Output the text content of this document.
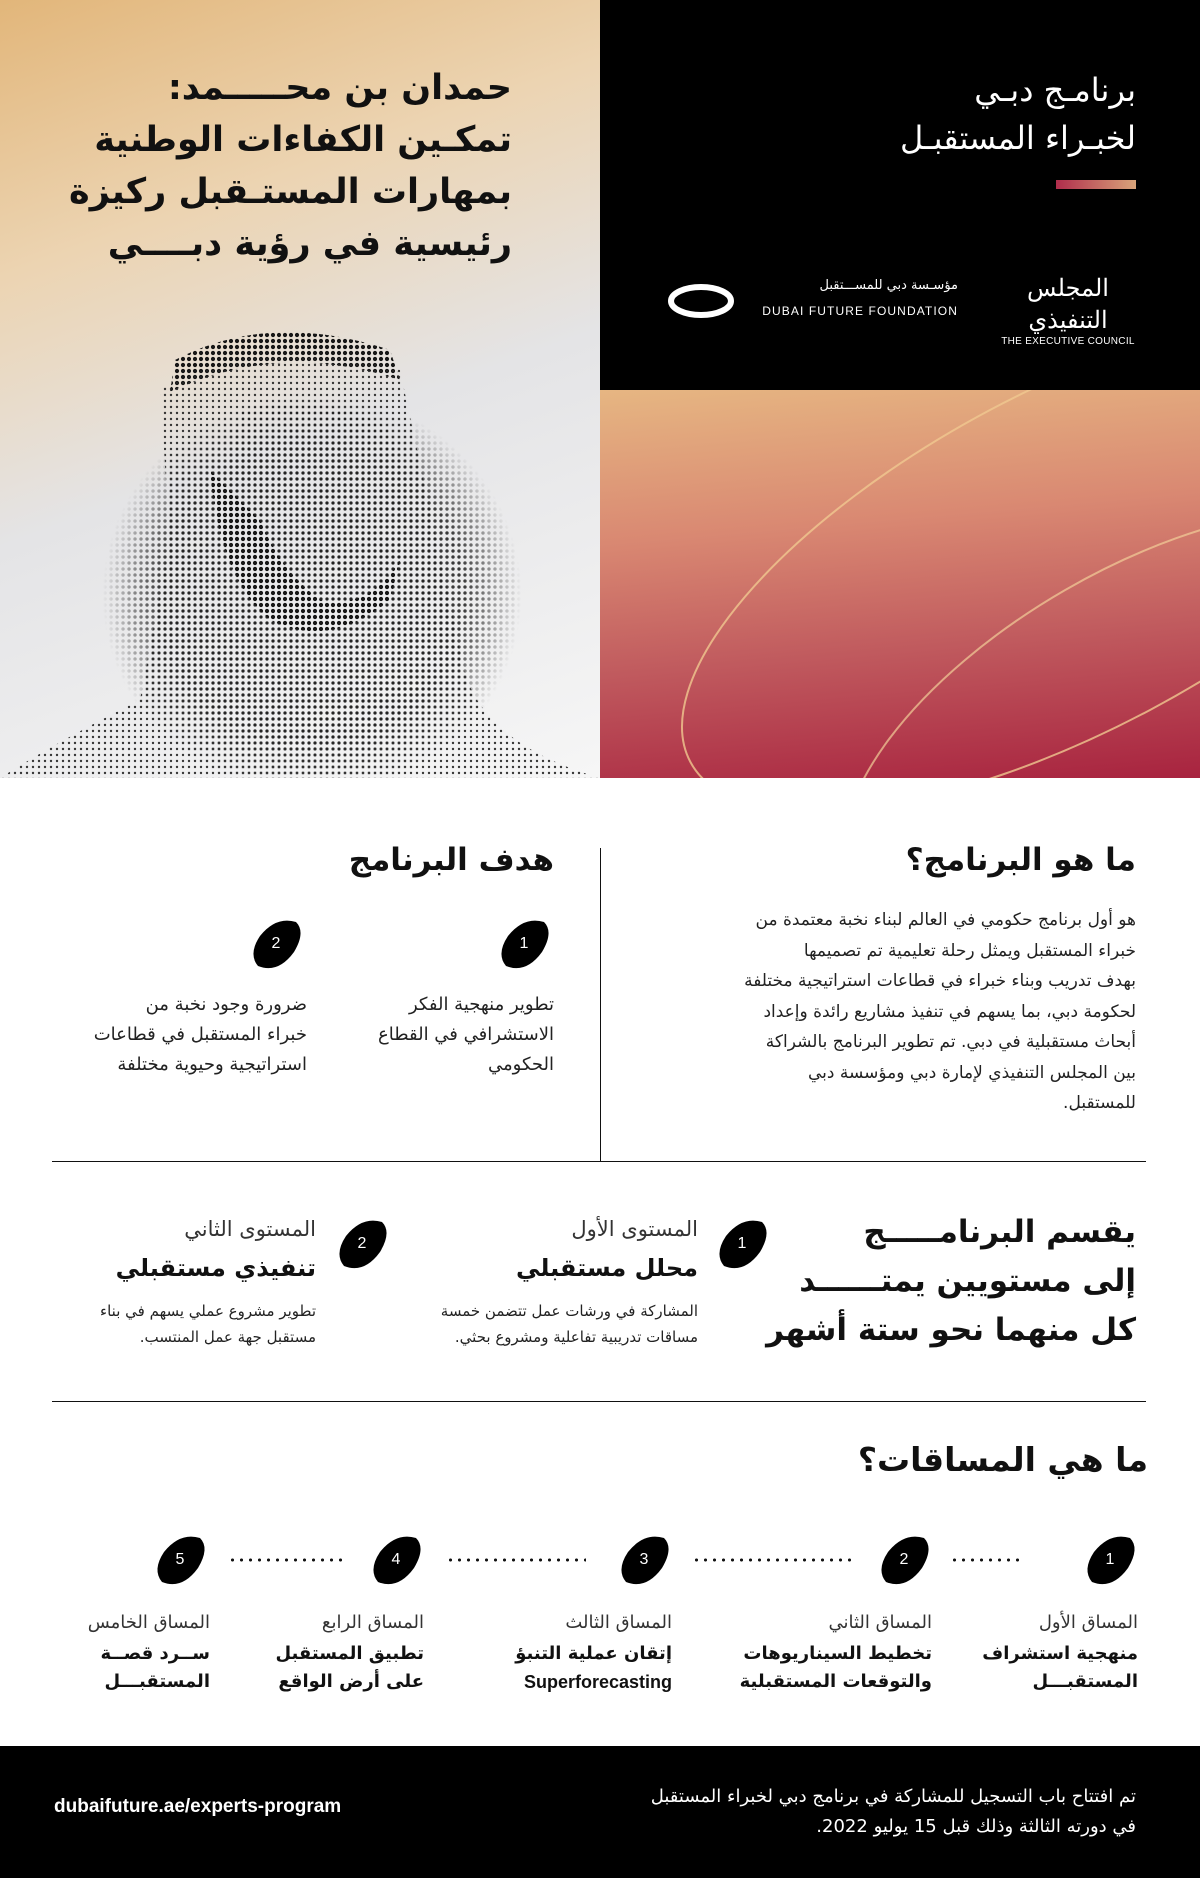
حمدان بن محـــــمد:
تمكـين الكفاءات الوطنية
بمهارات المستـقبل ركيزة
رئيسية في رؤية دبــــي
برنامـج دبـي
لخبـراء المستقبـل
المجلس التنفيذي
THE EXECUTIVE COUNCIL
مؤسـسة دبي للمســـتقبل
DUBAI FUTURE FOUNDATION
ما هو البرنامج؟
هو أول برنامج حكومي في العالم لبناء نخبة معتمدة من
خبراء المستقبل ويمثل رحلة تعليمية تم تصميمها
بهدف تدريب وبناء خبراء في قطاعات استراتيجية مختلفة
لحكومة دبي، بما يسهم في تنفيذ مشاريع رائدة وإعداد
أبحاث مستقبلية في دبي. تم تطوير البرنامج بالشراكة
بين المجلس التنفيذي لإمارة دبي ومؤسسة دبي
للمستقبل.
هدف البرنامج
1
تطوير منهجية الفكر
الاستشرافي في القطاع
الحكومي
2
ضرورة وجود نخبة من
خبراء المستقبل في قطاعات
استراتيجية وحيوية مختلفة
يقسم البرنامـــــج
إلى مستويين يمتــــــد
كل منهما نحو ستة أشهر
1
المستوى الأول
محلل مستقبلي
المشاركة في ورشات عمل تتضمن خمسة
مساقات تدريبية تفاعلية ومشروع بحثي.
2
المستوى الثاني
تنفيذي مستقبلي
تطوير مشروع عملي يسهم في بناء
مستقبل جهة عمل المنتسب.
ما هي المساقات؟
1
2
3
4
5
المساق الأول
منهجية استشراف
المستقبـــل
المساق الثاني
تخطيط السيناريوهات
والتوقعات المستقبلية
المساق الثالث
إتقان عملية التنبؤ
Superforecasting
المساق الرابع
تطبيق المستقبل
على أرض الواقع
المساق الخامس
ســرد قصــة
المستقبـــل
dubaifuture.ae/experts-program	تم افتتاح باب التسجيل للمشاركة في برنامج دبي لخبراء المستقبل
في دورته الثالثة وذلك قبل 15 يوليو 2022.
